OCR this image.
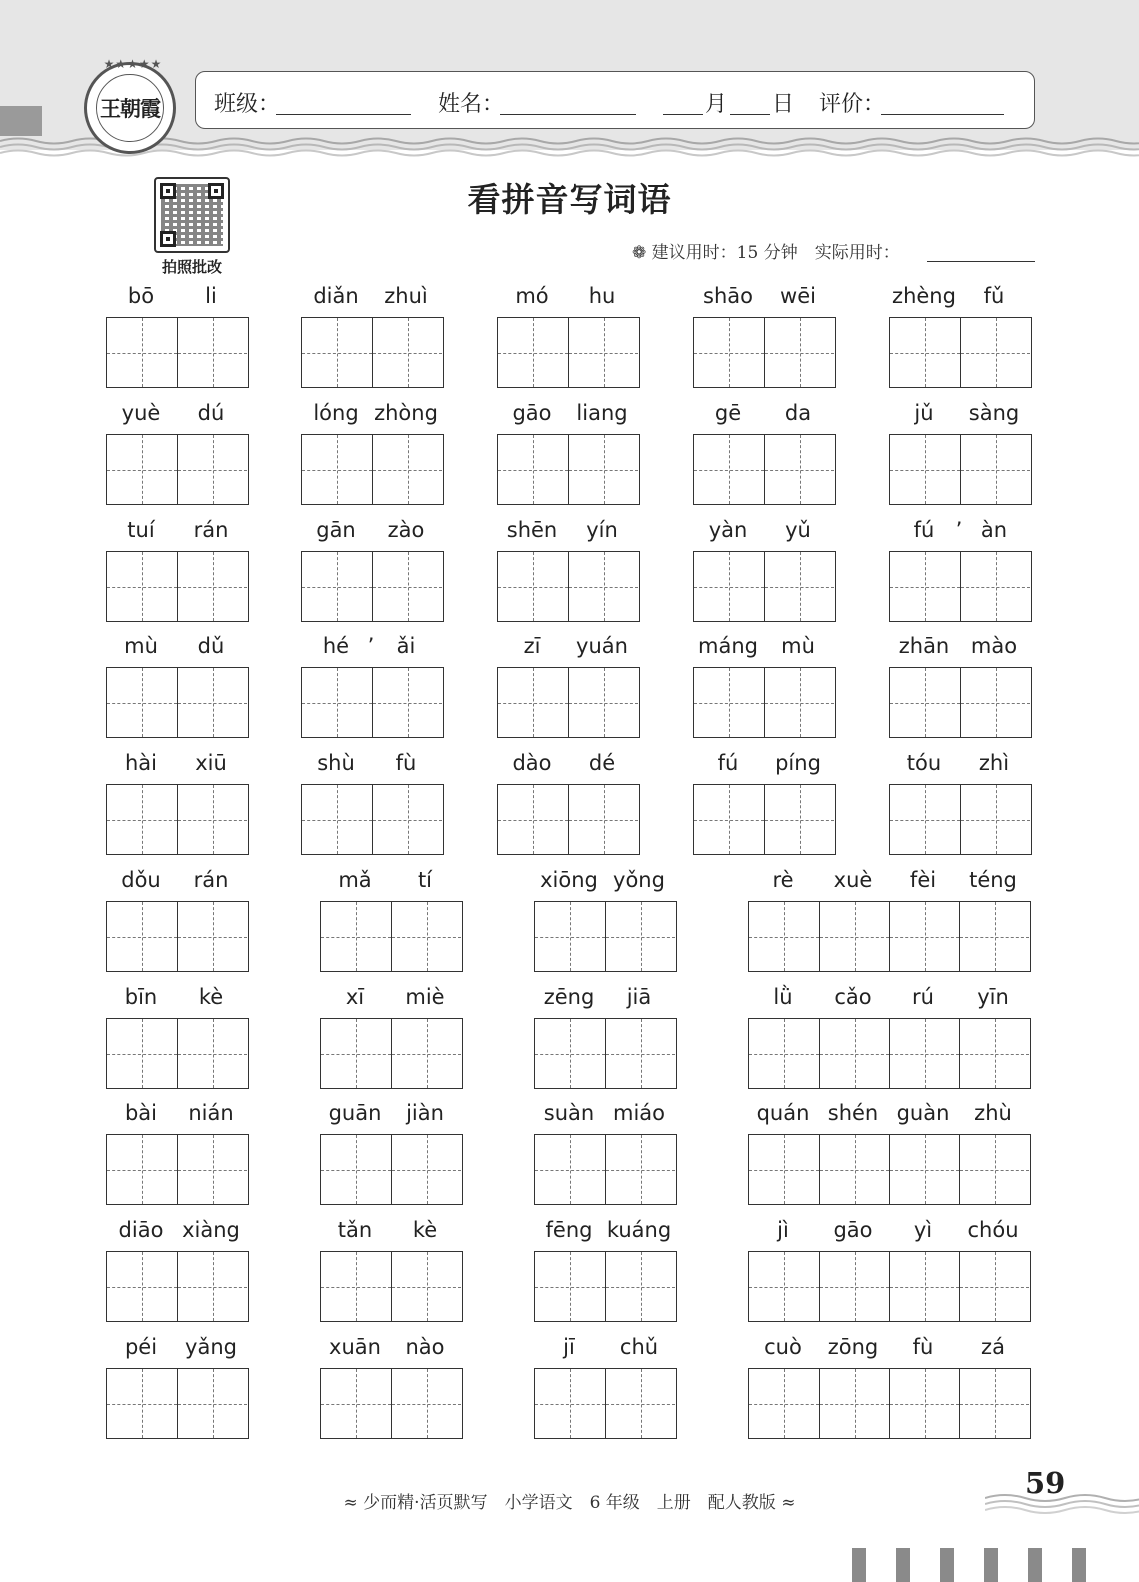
★★★★★
王朝霞 班级：	姓名：	月 日 评价：
拍照批改
看拼音写词语
❁ 建议用时：15 分钟　 实际用时：
bō	li	diǎn	zhuì	mó	hu	shāo	wēi	zhèng	fǔ
yuè	dú	lóng zhòng	gāo	liang	gē	da	jǔ	sàng
tuí	rán	gān	zào	shēn	yín	yàn	yǔ	fú	’ àn
mù	dǔ	hé ’	ǎi	zī	yuán	máng	mù	zhān	mào
hài	xiū	shù	fù	dào	dé	fú	píng	tóu	zhì
dǒu	rán	mǎ	tí	xiōng yǒng	rè	xuè	fèi	téng
bīn	kè	xī	miè	zēng	jiā	lǜ	cǎo	rú	yīn
bài	nián	guān	jiàn	suàn miáo	quán shén guàn	zhù
diāo xiàng	tǎn	kè	fēng kuáng	jì	gāo	yì	chóu
péi	yǎng	xuān	nào	jī	chǔ	cuò	zōng	fù	zá
≈ 少而精·活页默写　小学语文　6 年级　上册　配人教版 ≈
59
